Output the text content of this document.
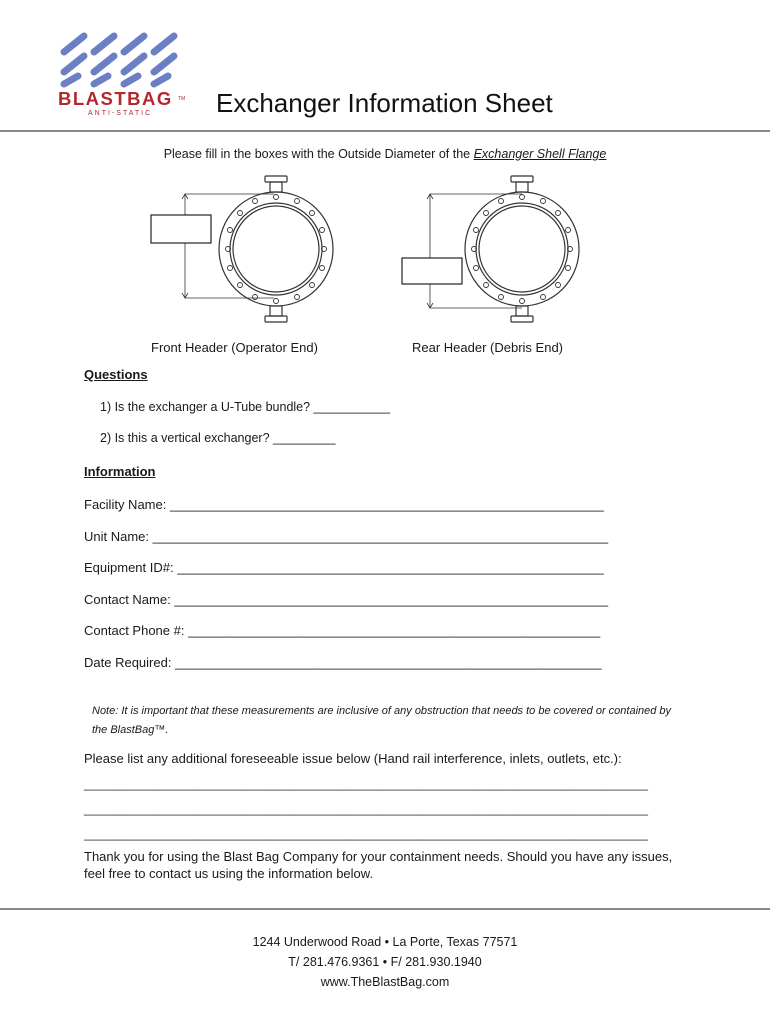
BLASTBAG TM
ANTI-STATIC Exchanger Information Sheet
Please fill in the boxes with the Outside Diameter of the Exchanger Shell Flange
Front Header (Operator End)	Rear Header (Debris End)
Questions
1) Is the exchanger a U-Tube bundle? ___________
2) Is this a vertical exchanger? _________
Information
Facility Name: ____________________________________________________________
Unit Name: _______________________________________________________________
Equipment ID#: ___________________________________________________________
Contact Name: ____________________________________________________________
Contact Phone #: _________________________________________________________
Date Required: ___________________________________________________________
Note: It is important that these measurements are inclusive of any obstruction that needs to be covered or contained by the BlastBag™.
Please list any additional foreseeable issue below (Hand rail interference, inlets, outlets, etc.):
______________________________________________________________________________
______________________________________________________________________________
______________________________________________________________________________
Thank you for using the Blast Bag Company for your containment needs. Should you have any issues, feel free to contact us using the information below.
1244 Underwood Road • La Porte, Texas 77571
T/ 281.476.9361 • F/ 281.930.1940
www.TheBlastBag.com
